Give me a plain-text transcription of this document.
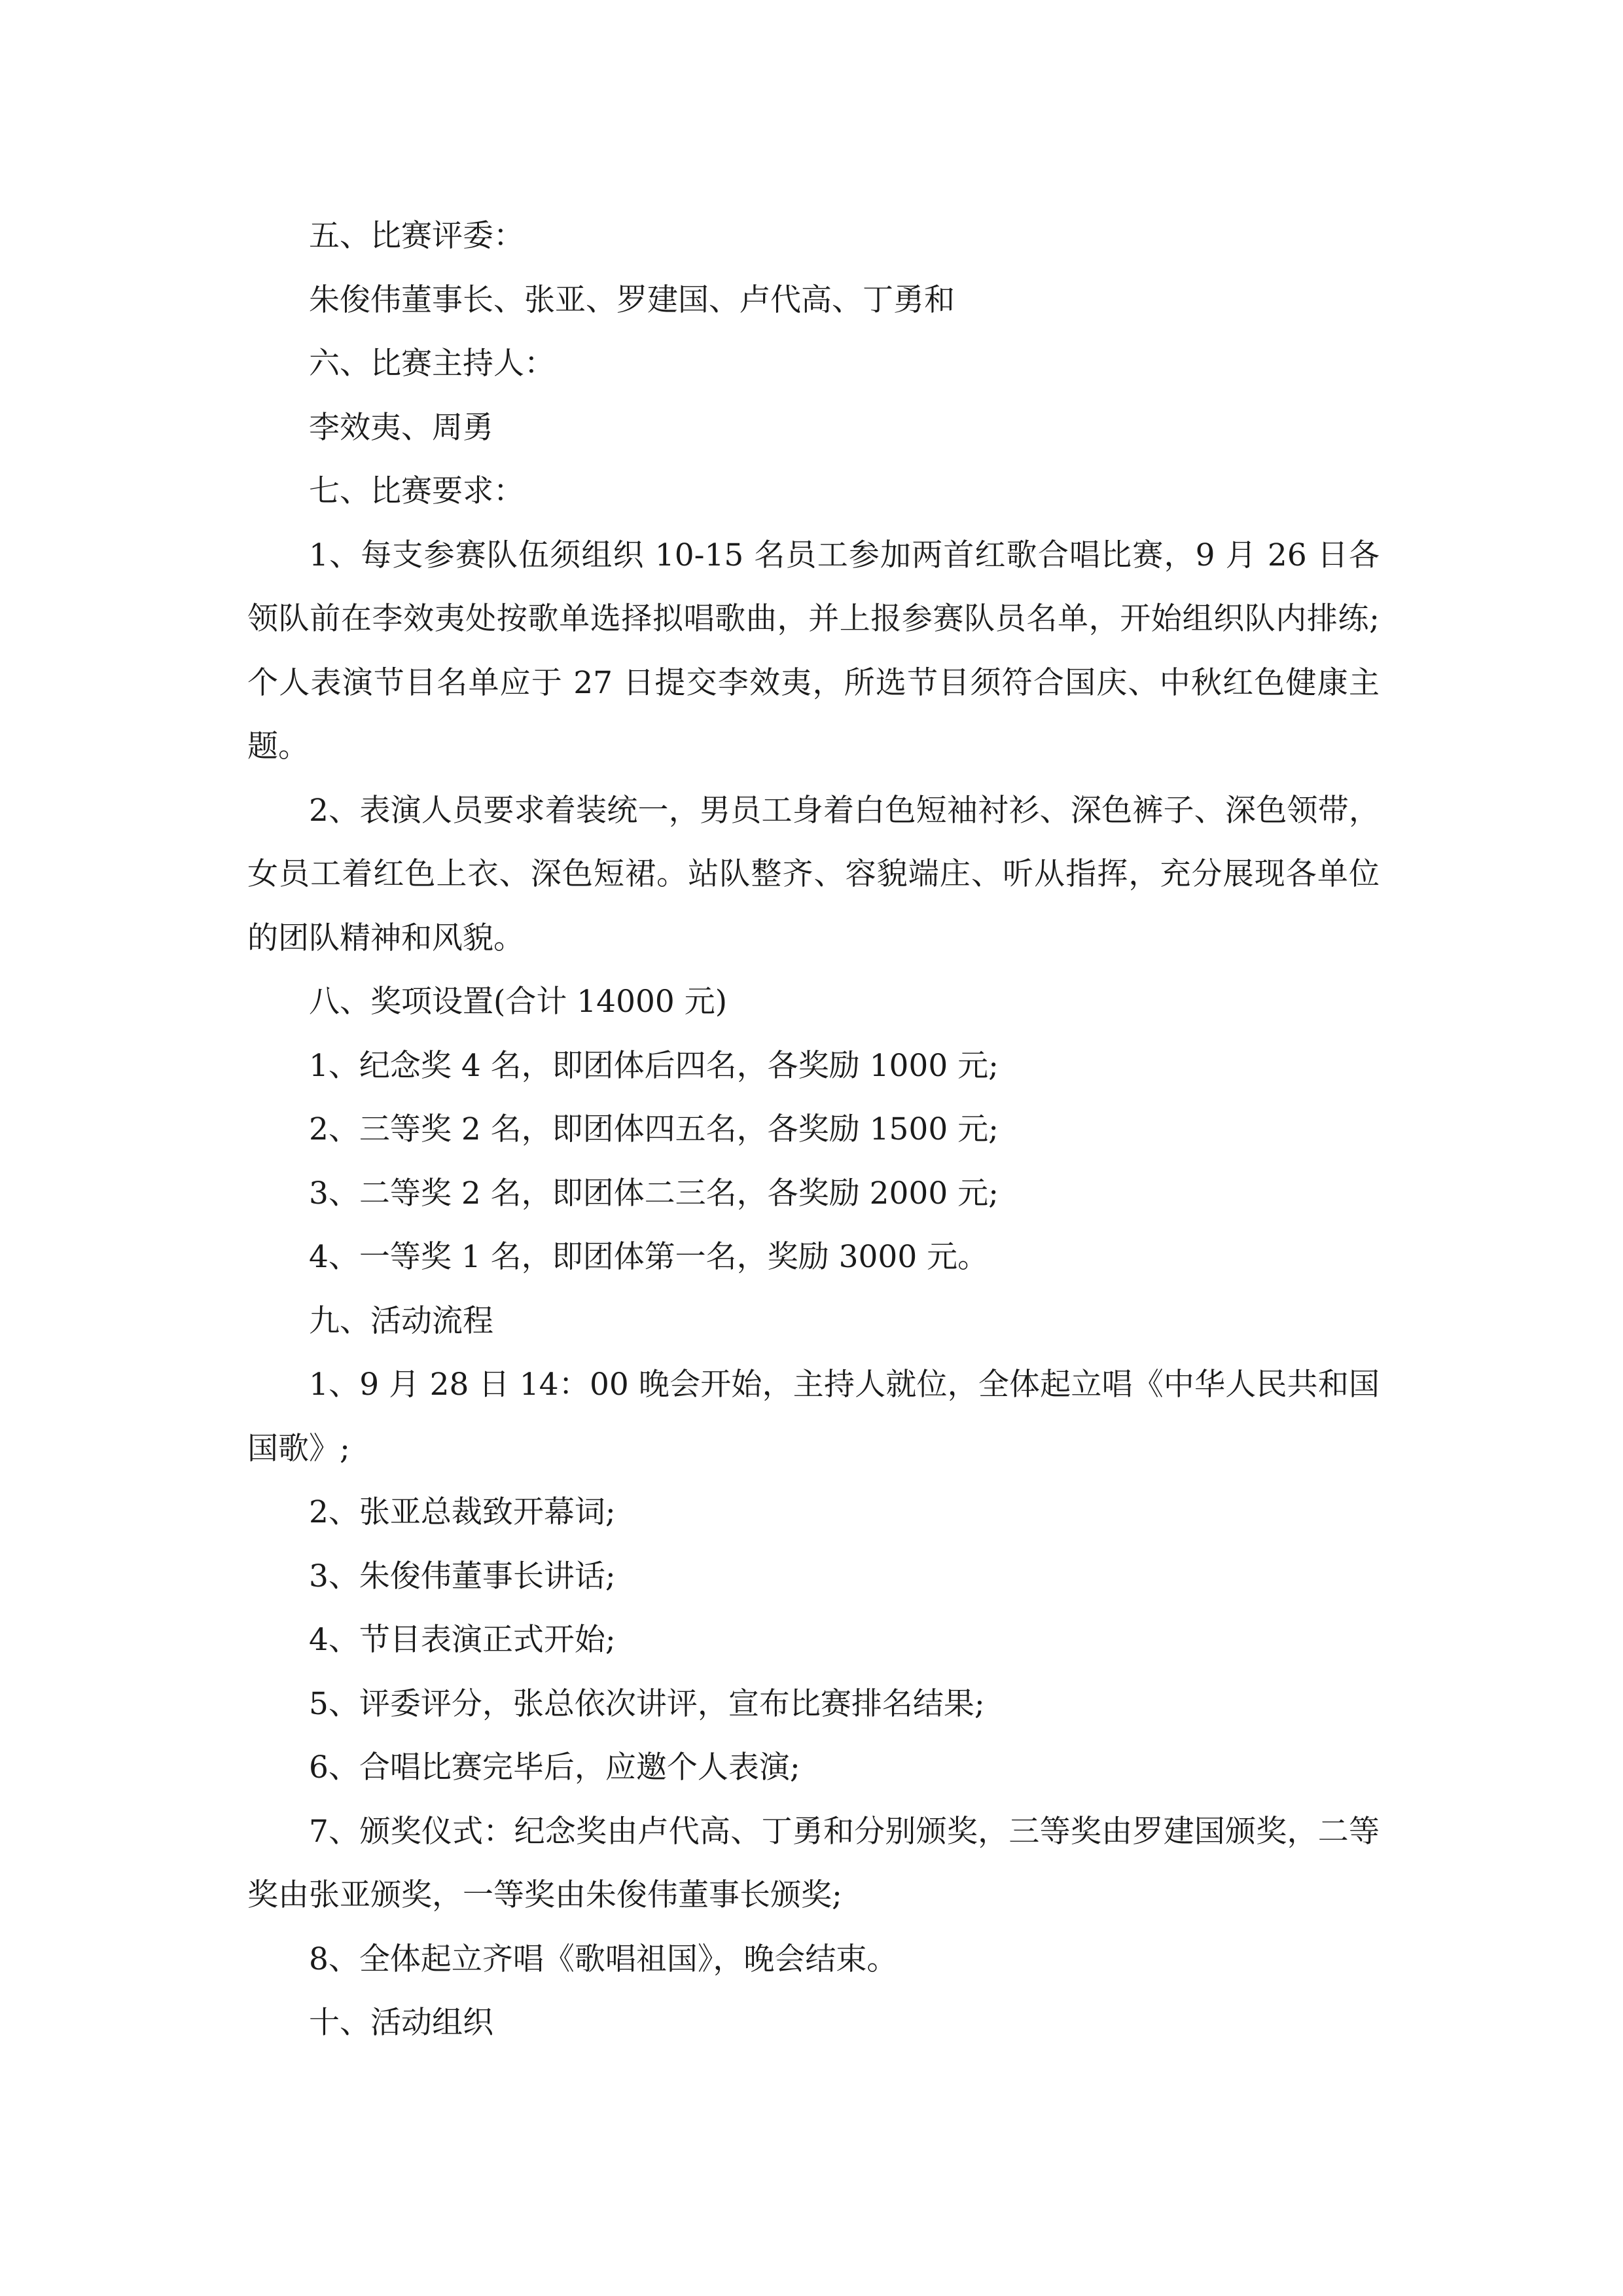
五、比赛评委：

朱俊伟董事长、张亚、罗建国、卢代高、丁勇和

六、比赛主持人：

李效夷、周勇

七、比赛要求：

1、每支参赛队伍须组织 10-15 名员工参加两首红歌合唱比赛，9 月 26 日各领队前在李效夷处按歌单选择拟唱歌曲，并上报参赛队员名单，开始组织队内排练;个人表演节目名单应于 27 日提交李效夷，所选节目须符合国庆、中秋红色健康主题。

2、表演人员要求着装统一，男员工身着白色短袖衬衫、深色裤子、深色领带，女员工着红色上衣、深色短裙。站队整齐、容貌端庄、听从指挥，充分展现各单位的团队精神和风貌。

八、奖项设置(合计 14000 元)

1、纪念奖 4 名，即团体后四名，各奖励 1000 元;

2、三等奖 2 名，即团体四五名，各奖励 1500 元;

3、二等奖 2 名，即团体二三名，各奖励 2000 元;

4、一等奖 1 名，即团体第一名，奖励 3000 元。

九、活动流程

1、9 月 28 日 14：00 晚会开始，主持人就位，全体起立唱《中华人民共和国国歌》;

2、张亚总裁致开幕词;

3、朱俊伟董事长讲话;

4、节目表演正式开始;

5、评委评分，张总依次讲评，宣布比赛排名结果;

6、合唱比赛完毕后，应邀个人表演;

7、颁奖仪式：纪念奖由卢代高、丁勇和分别颁奖，三等奖由罗建国颁奖，二等奖由张亚颁奖，一等奖由朱俊伟董事长颁奖;

8、全体起立齐唱《歌唱祖国》，晚会结束。

十、活动组织
